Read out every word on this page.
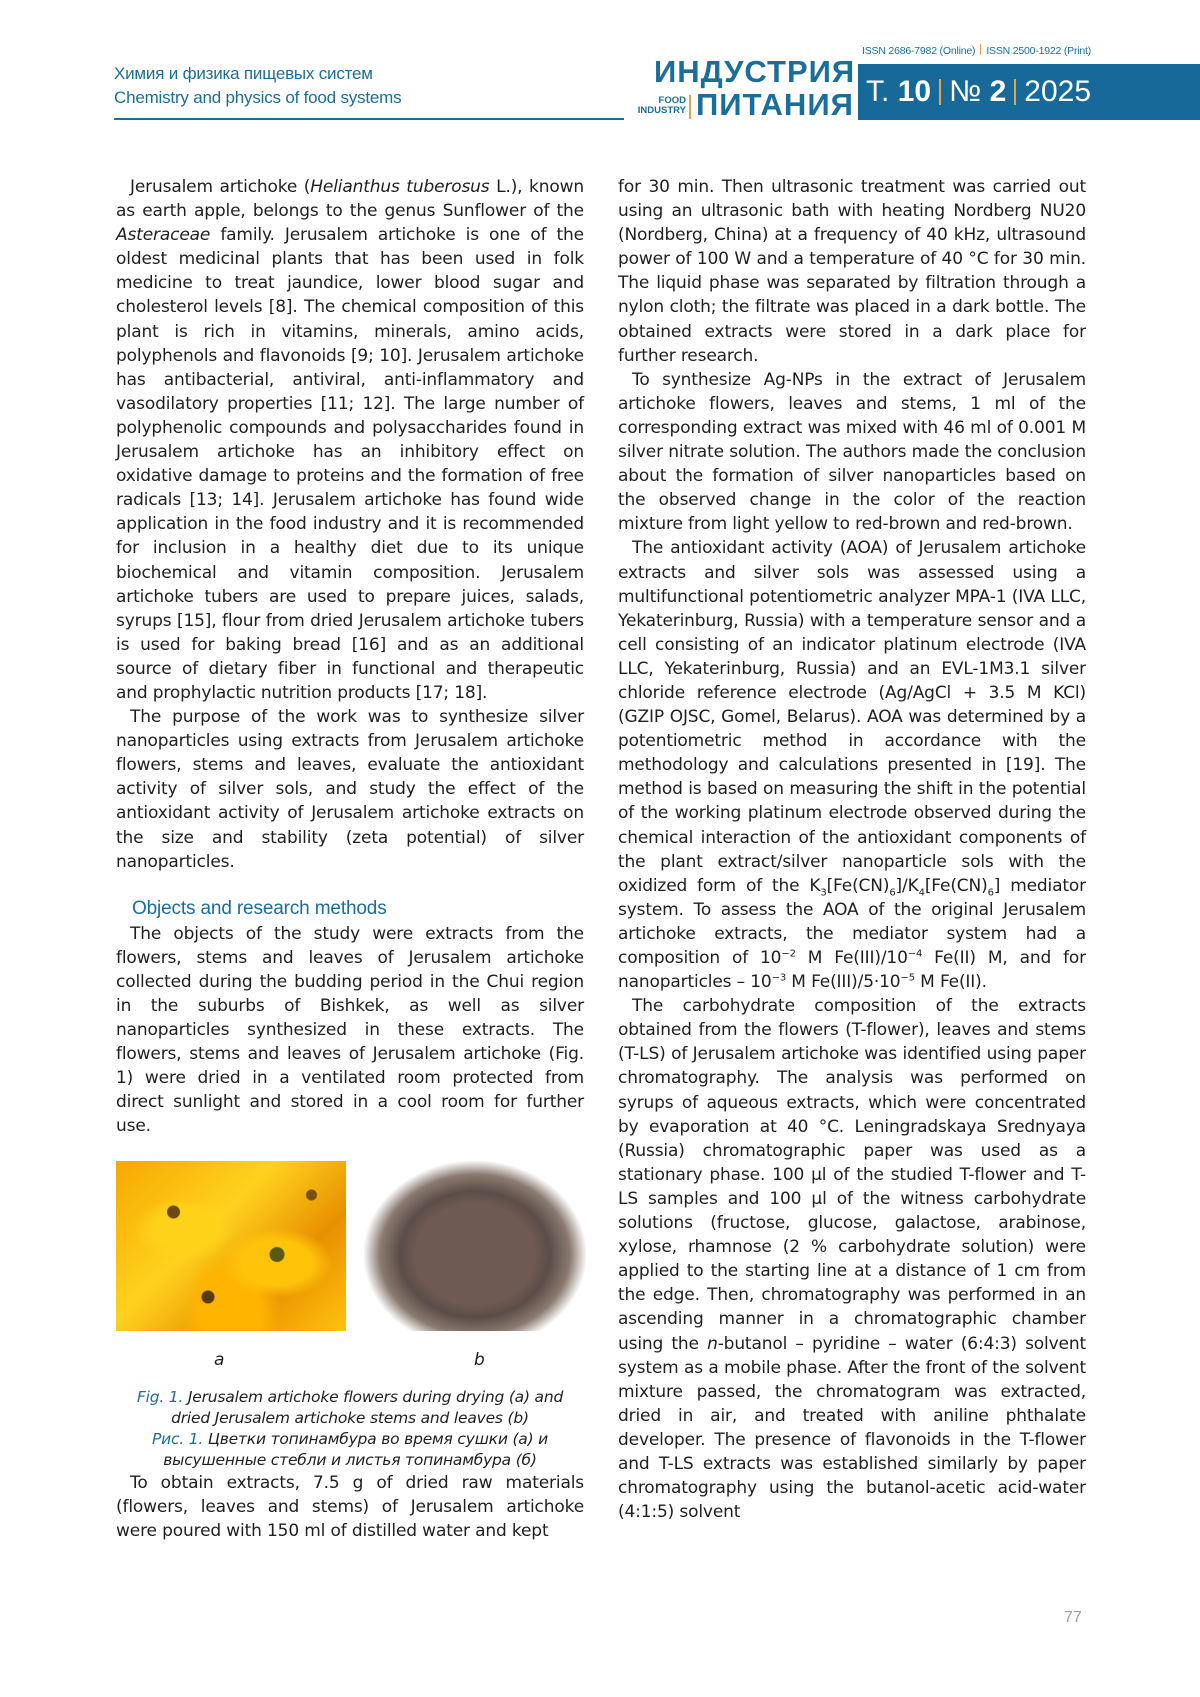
Химия и физика пищевых систем
Chemistry and physics of food systems
ISSN 2686-7982 (Online) ISSN 2500-1922 (Print)
ИНДУСТРИЯ
FOOD
INDUSTRY ПИТАНИЯ Т. 10 № 2 2025

Jerusalem artichoke (Helianthus tuberosus L.), known as earth apple, belongs to the genus Sunflower of the Asteraceae family. Jerusalem artichoke is one of the oldest medicinal plants that has been used in folk medicine to treat jaundice, lower blood sugar and cholesterol levels [8]. The chemical composition of this plant is rich in vitamins, minerals, amino acids, polyphenols and flavonoids [9; 10]. Jerusalem artichoke has antibacterial, antiviral, anti-inflammatory and vasodilatory properties [11; 12]. The large number of polyphenolic compounds and polysaccharides found in Jerusalem artichoke has an inhibitory effect on oxidative damage to proteins and the formation of free radicals [13; 14]. Jerusalem artichoke has found wide application in the food industry and it is recommended for inclusion in a healthy diet due to its unique biochemical and vitamin composition. Jerusalem artichoke tubers are used to prepare juices, salads, syrups [15], flour from dried Jerusalem artichoke tubers is used for baking bread [16] and as an additional source of dietary fiber in functional and therapeutic and prophylactic nutrition products [17; 18].

The purpose of the work was to synthesize silver nanoparticles using extracts from Jerusalem artichoke flowers, stems and leaves, evaluate the antioxidant activity of silver sols, and study the effect of the antioxidant activity of Jerusalem artichoke extracts on the size and stability (zeta potential) of silver nanoparticles.

Objects and research methods

The objects of the study were extracts from the flowers, stems and leaves of Jerusalem artichoke collected during the budding period in the Chui region in the suburbs of Bishkek, as well as silver nanoparticles synthesized in these extracts. The flowers, stems and leaves of Jerusalem artichoke (Fig. 1) were dried in a ventilated room protected from direct sunlight and stored in a cool room for further use.

a	b

Fig. 1. Jerusalem artichoke flowers during drying (a) and dried Jerusalem artichoke stems and leaves (b)

Рис. 1. Цветки топинамбура во время сушки (а) и высушенные стебли и листья топинамбура (б)

To obtain extracts, 7.5 g of dried raw materials (flowers, leaves and stems) of Jerusalem artichoke were poured with 150 ml of distilled water and kept

for 30 min. Then ultrasonic treatment was carried out using an ultrasonic bath with heating Nordberg NU20 (Nordberg, China) at a frequency of 40 kHz, ultrasound power of 100 W and a temperature of 40 °C for 30 min. The liquid phase was separated by filtration through a nylon cloth; the filtrate was placed in a dark bottle. The obtained extracts were stored in a dark place for further research.

To synthesize Ag-NPs in the extract of Jerusalem artichoke flowers, leaves and stems, 1 ml of the corresponding extract was mixed with 46 ml of 0.001 M silver nitrate solution. The authors made the conclusion about the formation of silver nanoparticles based on the observed change in the color of the reaction mixture from light yellow to red-brown and red-brown.

The antioxidant activity (AOA) of Jerusalem artichoke extracts and silver sols was assessed using a multifunctional potentiometric analyzer MPA-1 (IVA LLC, Yekaterinburg, Russia) with a temperature sensor and a cell consisting of an indicator platinum electrode (IVA LLC, Yekaterinburg, Russia) and an EVL-1M3.1 silver chloride reference electrode (Ag/AgCl + 3.5 M KCl) (GZIP OJSC, Gomel, Belarus). AOA was determined by a potentiometric method in accordance with the methodology and calculations presented in [19]. The method is based on measuring the shift in the potential of the working platinum electrode observed during the chemical interaction of the antioxidant components of the plant extract/silver nanoparticle sols with the oxidized form of the $K_3[Fe(CN)_6]/K_4[Fe(CN)_6]$ mediator system. To assess the AOA of the original Jerusalem artichoke extracts, the mediator system had a composition of $10^{-2}$ M $Fe(III)/10^{-4}$ Fe(II) M, and for nanoparticles – $10^{-3}$ M $Fe(III)/5\cdot 10^{-5}$ M Fe(II).

The carbohydrate composition of the extracts obtained from the flowers (T-flower), leaves and stems (T-LS) of Jerusalem artichoke was identified using paper chromatography. The analysis was performed on syrups of aqueous extracts, which were concentrated by evaporation at 40 °C. Leningradskaya Srednyaya (Russia) chromatographic paper was used as a stationary phase. 100 µl of the studied T-flower and T-LS samples and 100 µl of the witness carbohydrate solutions (fructose, glucose, galactose, arabinose, xylose, rhamnose (2 % carbohydrate solution) were applied to the starting line at a distance of 1 cm from the edge. Then, chromatography was performed in an ascending manner in a chromatographic chamber using the n-butanol – pyridine – water (6:4:3) solvent system as a mobile phase. After the front of the solvent mixture passed, the chromatogram was extracted, dried in air, and treated with aniline phthalate developer. The presence of flavonoids in the T-flower and T-LS extracts was established similarly by paper chromatography using the butanol-acetic acid-water (4:1:5) solvent

77
